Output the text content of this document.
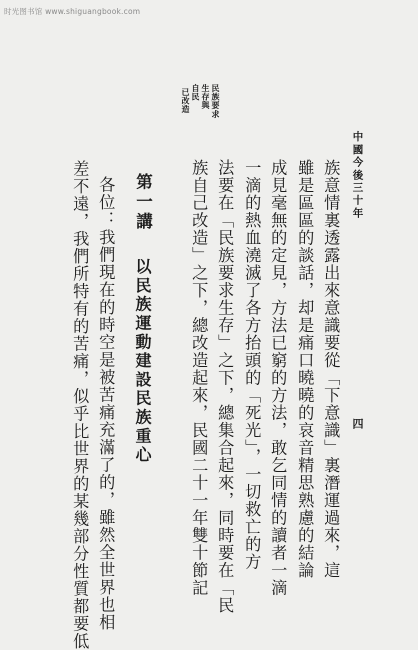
时光图书馆 www.shiguangbook.com
中國今後三十年
四
民族要求
生存與
自民
已改造
族意情裏透露出來意識要從「下意識」裏潛運過來，這
雖是區區的談話，却是痛口曉曉的哀音精思熟慮的結論
成見毫無的定見，方法已窮的方法，敢乞同情的讀者一滴
一滴的熱血澆滅了各方抬頭的「死光」，一切救亡的方
法要在「民族要求生存」之下，總集合起來，同時要在「民
族自己改造」之下，總改造起來，民國二十一年雙十節記
第一講
以民族運動建設民族重心
各位：我們現在的時空是被苦痛充滿了的，雖然全世界也相
差不遠，我們所特有的苦痛，似乎比世界的某幾部分性質都要低
